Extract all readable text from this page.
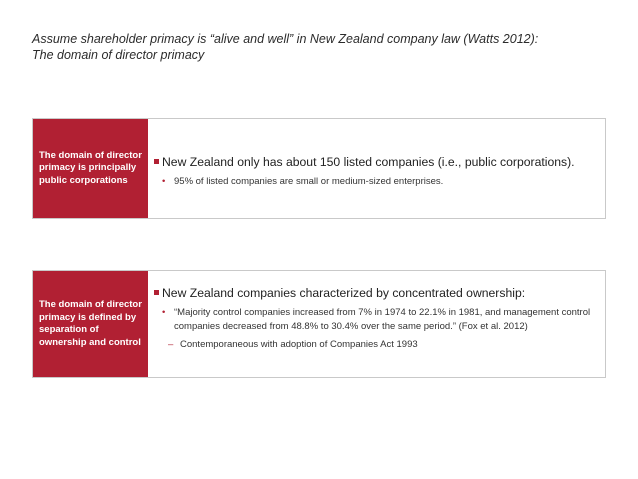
Assume shareholder primacy is “alive and well” in New Zealand company law (Watts 2012):
The domain of director primacy
The domain of director primacy is principally public corporations
New Zealand only has about 150 listed companies (i.e., public corporations).
• 95% of listed companies are small or medium-sized enterprises.
The domain of director primacy is defined by separation of ownership and control
New Zealand companies characterized by concentrated ownership:
• “Majority control companies increased from 7% in 1974 to 22.1% in 1981, and management control companies decreased from 48.8% to 30.4% over the same period.” (Fox et al. 2012)
– Contemporaneous with adoption of Companies Act 1993
